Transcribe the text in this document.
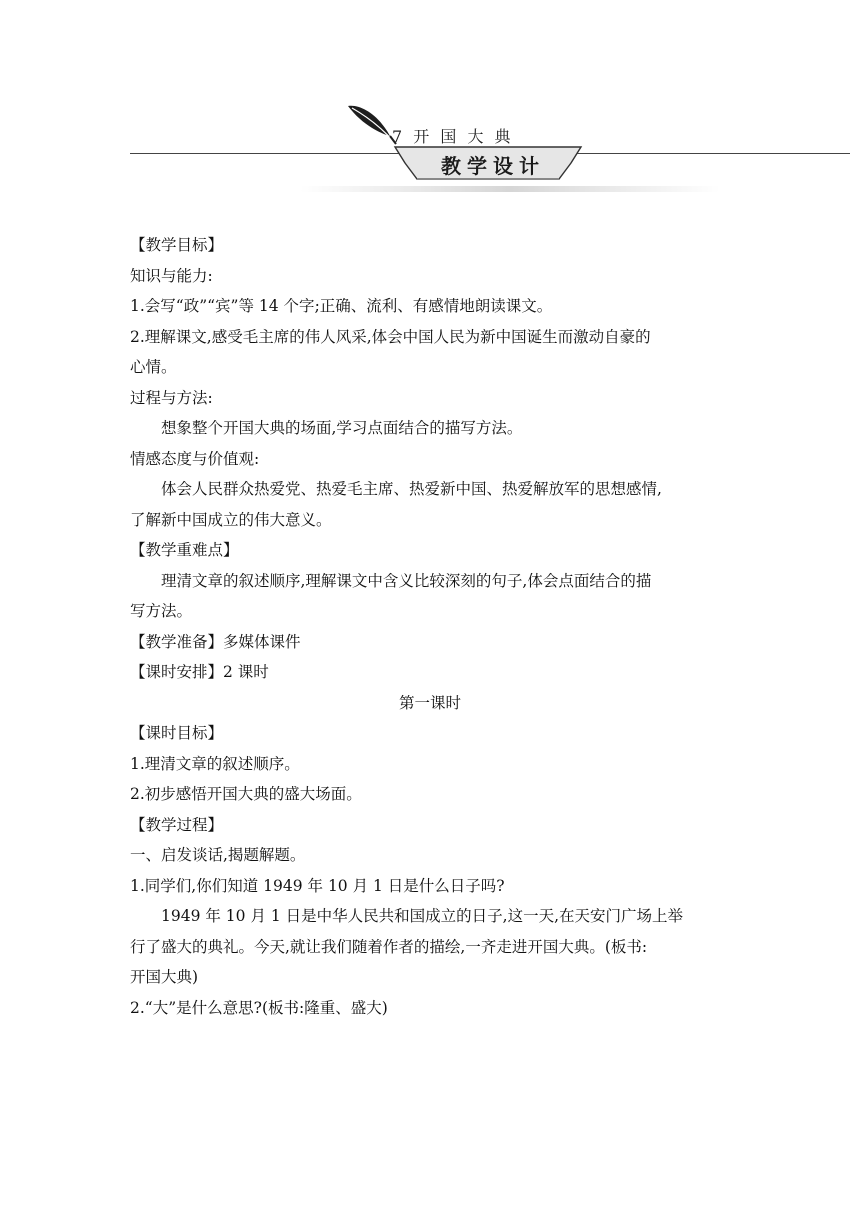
7 开 国 大 典
教学设计
【教学目标】
知识与能力:
1.会写“政”“宾”等 14 个字;正确、流利、有感情地朗读课文。
2.理解课文,感受毛主席的伟人风采,体会中国人民为新中国诞生而激动自豪的
心情。
过程与方法:
想象整个开国大典的场面,学习点面结合的描写方法。
情感态度与价值观:
体会人民群众热爱党、热爱毛主席、热爱新中国、热爱解放军的思想感情,
了解新中国成立的伟大意义。
【教学重难点】
理清文章的叙述顺序,理解课文中含义比较深刻的句子,体会点面结合的描
写方法。
【教学准备】多媒体课件
【课时安排】2 课时
第一课时
【课时目标】
1.理清文章的叙述顺序。
2.初步感悟开国大典的盛大场面。
【教学过程】
一、启发谈话,揭题解题。
1.同学们,你们知道 1949 年 10 月 1 日是什么日子吗?
1949 年 10 月 1 日是中华人民共和国成立的日子,这一天,在天安门广场上举
行了盛大的典礼。今天,就让我们随着作者的描绘,一齐走进开国大典。(板书:
开国大典)
2.“大”是什么意思?(板书:隆重、盛大)
